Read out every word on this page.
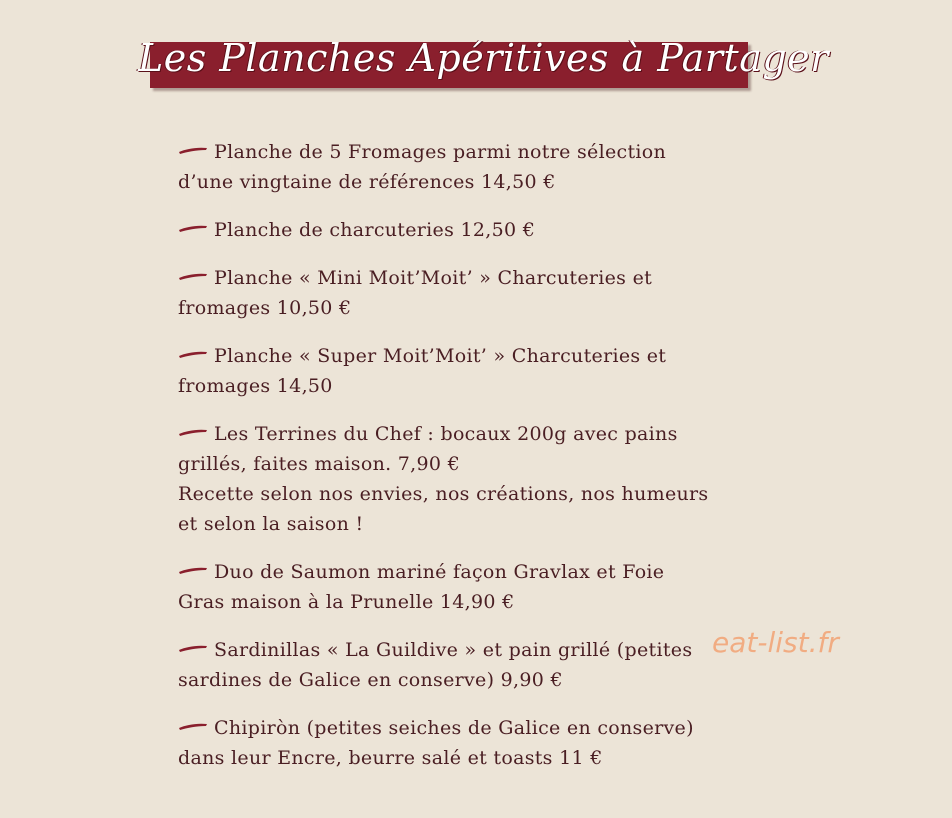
Les Planches Apéritives à Partager
Planche de 5 Fromages parmi notre sélection
d’une vingtaine de références 14,50 €
Planche de charcuteries 12,50 €
Planche « Mini Moit’Moit’ » Charcuteries et
fromages 10,50 €
Planche « Super Moit’Moit’ » Charcuteries et
fromages 14,50
Les Terrines du Chef : bocaux 200g avec pains
grillés, faites maison. 7,90 €
Recette selon nos envies, nos créations, nos humeurs
et selon la saison !
Duo de Saumon mariné façon Gravlax et Foie
Gras maison à la Prunelle 14,90 €
Sardinillas « La Guildive » et pain grillé (petites
sardines de Galice en conserve) 9,90 €
Chipiròn (petites seiches de Galice en conserve)
dans leur Encre, beurre salé et toasts 11 €
eat-list.fr
